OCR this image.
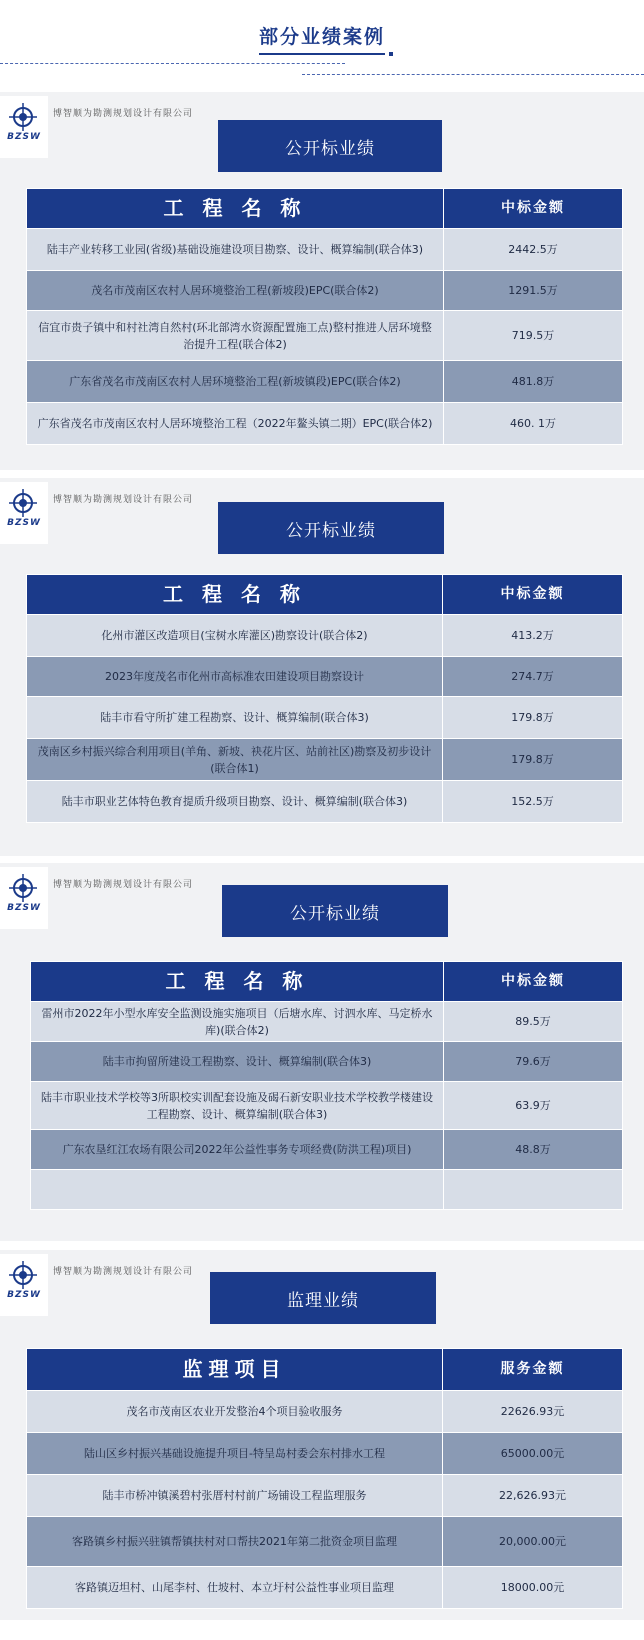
部分业绩案例
BZSW
博智顺为勘测规划设计有限公司
公开标业绩
工 程 名 称	中标金额
陆丰产业转移工业园(省级)基础设施建设项目勘察、设计、概算编制(联合体3)	2442.5万
茂名市茂南区农村人居环境整治工程(新坡段)EPC(联合体2)	1291.5万
信宜市贵子镇中和村社湾自然村(环北部湾水资源配置施工点)整村推进人居环境整治提升工程(联合体2)	719.5万
广东省茂名市茂南区农村人居环境整治工程(新坡镇段)EPC(联合体2)	481.8万
广东省茂名市茂南区农村人居环境整治工程（2022年鳌头镇二期）EPC(联合体2)	460. 1万
BZSW
博智顺为勘测规划设计有限公司
公开标业绩
工 程 名 称	中标金额
化州市灌区改造项目(宝树水库灌区)勘察设计(联合体2)	413.2万
2023年度茂名市化州市高标准农田建设项目勘察设计	274.7万
陆丰市看守所扩建工程勘察、设计、概算编制(联合体3)	179.8万
茂南区乡村振兴综合利用项目(羊角、新坡、袂花片区、站前社区)勘察及初步设计(联合体1)	179.8万
陆丰市职业艺体特色教育提质升级项目勘察、设计、概算编制(联合体3)	152.5万
BZSW
博智顺为勘测规划设计有限公司
公开标业绩
工 程 名 称	中标金额
雷州市2022年小型水库安全监测设施实施项目（后塘水库、讨泗水库、马定桥水库)(联合体2)	89.5万
陆丰市拘留所建设工程勘察、设计、概算编制(联合体3)	79.6万
陆丰市职业技术学校等3所职校实训配套设施及碣石新安职业技术学校教学楼建设工程勘察、设计、概算编制(联合体3)	63.9万
广东农垦红江农场有限公司2022年公益性事务专项经费(防洪工程)项目)	48.8万

BZSW
博智顺为勘测规划设计有限公司
监理业绩
监理项目	服务金额
茂名市茂南区农业开发整治4个项目验收服务	22626.93元
陆山区乡村振兴基础设施提升项目-特呈岛村委会东村排水工程	65000.00元
陆丰市桥冲镇溪碧村张厝村村前广场铺设工程监理服务	22,626.93元
客路镇乡村振兴驻镇帮镇扶村对口帮扶2021年第二批资金项目监理	20,000.00元
客路镇迈坦村、山尾李村、仕坡村、本立圩村公益性事业项目监理	18000.00元
